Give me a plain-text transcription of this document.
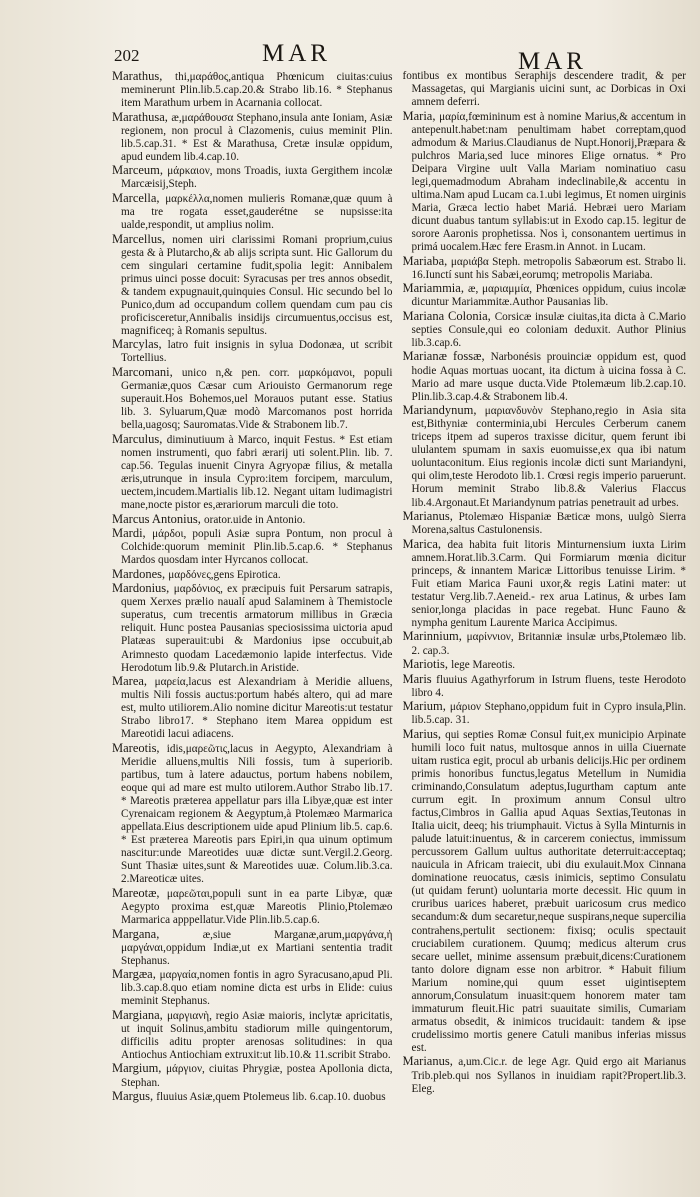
202	MAR	MAR

Marathus, thi,μαράθος,antiqua Phœnicum ciuitas:cuius meminerunt Plin.lib.5.cap.20.& Strabo lib.16. * Stephanus item Marathum urbem in Acarnania collocat.

Marathusa, æ,μαράθουσα Stephano,insula ante Ioniam, Asiæ regionem, non procul à Clazomenis, cuius meminit Plin. lib.5.cap.31. * Est & Marathusa, Cretæ insulæ oppidum, apud eundem lib.4.cap.10.

Marceum, μάρκαιον, mons Troadis, iuxta Gergithem incolæ Marcæisij,Steph.

Marcella, μαρκέλλα,nomen mulieris Romanæ,quæ quum à ma tre rogata esset,gauderétne se nupsisse:ita ualde,respondit, ut amplius nolim.

Marcellus, nomen uiri clarissimi Romani proprium,cuius gesta & à Plutarcho,& ab alijs scripta sunt. Hic Gallorum du cem singulari certamine fudit,spolia legit: Annibalem primus uinci posse docuit: Syracusas per tres annos obsedit, & tandem expugnauit,quinquies Consul. Hic secundo bel lo Punico,dum ad occupandum collem quendam cum pau cis proficisceretur,Annibalis insidijs circumuentus,occisus est, magnificeq; à Romanis sepultus.

Marcylas, latro fuit insignis in sylua Dodonæa, ut scribit Tortellius.

Marcomani, unico n,& pen. corr. μαρκόμανοι, populi Germaniæ,quos Cæsar cum Ariouisto Germanorum rege superauit.Hos Bohemos,uel Morauos putant esse. Statius lib. 3. Syluarum,Quæ modò Marcomanos post horrida bella,uagosq; Sauromatas.Vide & Strabonem lib.7.

Marculus, diminutiuum à Marco, inquit Festus. * Est etiam nomen instrumenti, quo fabri ærarij uti solent.Plin. lib. 7. cap.56. Tegulas inuenit Cinyra Agryopæ filius, & metalla æris,utrunque in insula Cypro:item forcipem, marculum, uectem,incudem.Martialis lib.12. Negant uitam ludimagistri mane,nocte pistor es,ærariorum marculi die toto.

Marcus Antonius, orator.uide in Antonio.

Mardi, μάρδοι, populi Asiæ supra Pontum, non procul à Colchide:quorum meminit Plin.lib.5.cap.6. * Stephanus Mardos quosdam inter Hyrcanos collocat.

Mardones, μαρδόνες,gens Epirotica.

Mardonius, μαρδόνιος, ex præcipuis fuit Persarum satrapis, quem Xerxes prælio naualí apud Salaminem à Themistocle superatus, cum trecentis armatorum millibus in Græcia reliquit. Hunc postea Pausanias speciosissima uictoria apud Platæas superauit:ubi & Mardonius ipse occubuit,ab Arimnesto quodam Lacedæmonio lapide interfectus. Vide Herodotum lib.9.& Plutarch.in Aristide.

Marea, μαρεία,lacus est Alexandriam à Meridie alluens, multis Nili fossis auctus:portum habés altero, qui ad mare est, multo utiliorem.Alio nomine dicitur Mareotis:ut testatur Strabo libro17. * Stephano item Marea oppidum est Mareotidi lacui adiacens.

Mareotis, idis,μαρεῶτις,lacus in Aegypto, Alexandriam à Meridie alluens,multis Nili fossis, tum à superiorib. partibus, tum à latere adauctus, portum habens nobilem, eoque qui ad mare est multo utilorem.Author Strabo lib.17. * Mareotis præterea appellatur pars illa Libyæ,quæ est inter Cyrenaicam regionem & Aegyptum,à Ptolemæo Marmarica appellata.Eius descriptionem uide apud Plinium lib.5. cap.6. * Est præterea Mareotis pars Epiri,in qua uinum optimum nascitur:unde Mareotides uuæ dictæ sunt.Vergil.2.Georg. Sunt Thasiæ uites,sunt & Mareotides uuæ. Colum.lib.3.ca. 2.Mareoticæ uites.

Mareotæ, μαρεῶται,populi sunt in ea parte Libyæ, quæ Aegypto proxima est,quæ Mareotis Plinio,Ptolemæo Marmarica apppellatur.Vide Plin.lib.5.cap.6.

Margana, æ,siue Marganæ,arum,μαργάνα,ἡ μαργάναι,oppidum Indiæ,ut ex Martiani sententia tradit Stephanus.

Margæa, μαργαία,nomen fontis in agro Syracusano,apud Pli. lib.3.cap.8.quo etiam nomine dicta est urbs in Elide: cuius meminit Stephanus.

Margiana, μαργιανὴ, regio Asiæ maioris, inclytæ apricitatis, ut inquit Solinus,ambitu stadiorum mille quingentorum, difficilis aditu propter arenosas solitudines: in qua Antiochus Antiochiam extruxit:ut lib.10.& 11.scribit Strabo.

Margium, μάργιον, ciuitas Phrygiæ, postea Apollonia dicta, Stephan.

Margus, fluuius Asiæ,quem Ptolemeus lib. 6.cap.10. duobus

fontibus ex montibus Seraphijs descendere tradit, & per Massagetas, qui Margianis uicini sunt, ac Dorbicas in Oxi amnem deferri.

Maria, μαρία,fœmininum est à nomine Marius,& accentum in antepenult.habet:nam penultimam habet correptam,quod admodum & Marius.Claudianus de Nupt.Honorij,Præpara & pulchros Maria,sed luce minores Elige ornatus. * Pro Deipara Virgine uult Valla Mariam nominatiuo casu legi,quemadmodum Abraham indeclinabile,& accentu in ultima.Nam apud Lucam ca.1.ubi legimus, Et nomen uirginis Maria, Græca lectio habet Mariá. Hebræi uero Mariam dicunt duabus tantum syllabis:ut in Exodo cap.15. legitur de sorore Aaronis prophetissa. Nos ì, consonantem uertimus in primá uocalem.Hæc fere Erasm.in Annot. in Lucam.

Mariaba, μαριάβα Steph. metropolis Sabæorum est. Strabo li. 16.Iunctí sunt his Sabæi,eorumq; metropolis Mariaba.

Mariammia, æ, μαριαμμία, Phœnices oppidum, cuius incolæ dicuntur Mariammitæ.Author Pausanias lib.

Mariana Colonia, Corsicæ insulæ ciuitas,ita dicta à C.Mario septies Consule,qui eo coloniam deduxit. Author Plinius lib.3.cap.6.

Marianæ fossæ, Narbonésis prouinciæ oppidum est, quod hodie Aquas mortuas uocant, ita dictum à uicina fossa à C. Mario ad mare usque ducta.Vide Ptolemæum lib.2.cap.10. Plin.lib.3.cap.4.& Strabonem lib.4.

Mariandynum, μαριανδυνὸν Stephano,regio in Asia sita est,Bithyniæ conterminia,ubi Hercules Cerberum canem triceps itpem ad superos traxisse dicitur, quem ferunt ibi ululantem spumam in saxis euomuisse,ex qua ibi natum uoluntaconitum. Eius regionis incolæ dicti sunt Mariandyni, qui olim,teste Herodoto lib.1. Crœsi regis imperio paruerunt. Horum meminit Strabo lib.8.& Valerius Flaccus lib.4.Argonaut.Et Mariandynum patrias penetrauit ad urbes.

Marianus, Ptolemæo Hispaniæ Bæticæ mons, uulgò Sierra Morena,saltus Castulonensis.

Marica, dea habita fuit litoris Minturnensium iuxta Lirim amnem.Horat.lib.3.Carm. Qui Formiarum mœnia dicitur princeps, & innantem Maricæ Littoribus tenuisse Lirim. * Fuit etiam Marica Fauni uxor,& regis Latini mater: ut testatur Verg.lib.7.Aeneid.- rex arua Latinus, & urbes Iam senior,longa placidas in pace regebat. Hunc Fauno & nympha genitum Laurente Marica Accipimus.

Marinnium, μαρίννιον, Britanniæ insulæ urbs,Ptolemæo lib. 2. cap.3.

Mariotis, lege Mareotis.

Maris fluuius Agathyrforum in Istrum fluens, teste Herodoto libro 4.

Marium, μάριον Stephano,oppidum fuit in Cypro insula,Plin. lib.5.cap. 31.

Marius, qui septies Romæ Consul fuit,ex municipio Arpinate humili loco fuit natus, multosque annos in uilla Ciuernate uitam rustica egit, procul ab urbanis delicijs.Hic per ordinem primis honoribus functus,legatus Metellum in Numidia criminando,Consulatum adeptus,Iugurtham captum ante currum egit. In proximum annum Consul ultro factus,Cimbros in Gallia apud Aquas Sextias,Teutonas in Italia uicit, deeq; his triumphauit. Victus à Sylla Minturnis in palude latuit:inuentus, & in carcerem coniectus, immissum percussorem Gallum uultus authoritate deterruit:acceptaq; nauicula in Africam traiecit, ubi diu exulauit.Mox Cinnana dominatione reuocatus, cæsis inimicis, septimo Consulatu (ut quidam ferunt) uoluntaria morte decessit. Hic quum in cruribus uarices haberet, præbuit uaricosum crus medico secandum:& dum secaretur,neque suspirans,neque supercilia contrahens,pertulit sectionem: fixisq; oculis spectauit cruciabilem curationem. Quumq; medicus alterum crus secare uellet, minime assensum præbuit,dicens:Curationem tanto dolore dignam esse non arbitror. * Habuit filium Marium nomine,qui quum esset uigintiseptem annorum,Consulatum inuasit:quem honorem mater tam immaturum fleuit.Hic patri suauitate similis, Cumariam armatus obsedit, & inimicos trucidauit: tandem & ipse crudelissimo mortis genere Catuli manibus inferias missus est.

Marianus, a,um.Cic.r. de lege Agr. Quid ergo ait Marianus Trib.pleb.qui nos Syllanos in inuidiam rapit?Propert.lib.3. Eleg.
